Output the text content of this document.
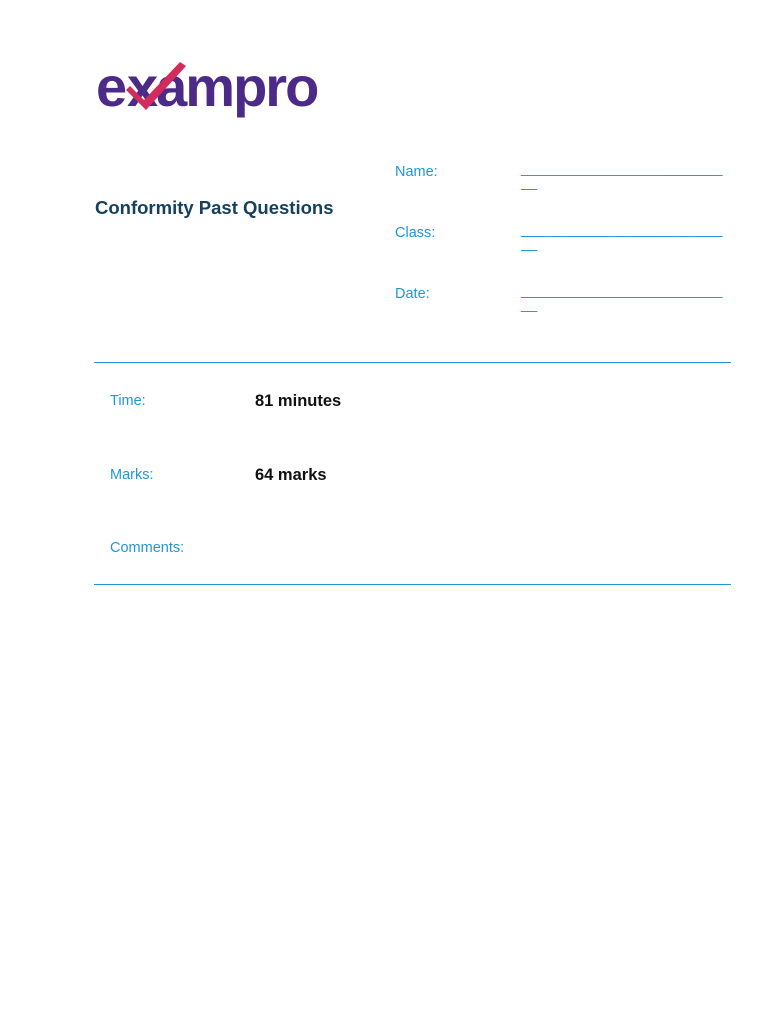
e xampro
Conformity Past Questions
Name:	___________________________
Class:	___________________________
Date:	___________________________
Time:	81 minutes
Marks:	64 marks
Comments:
